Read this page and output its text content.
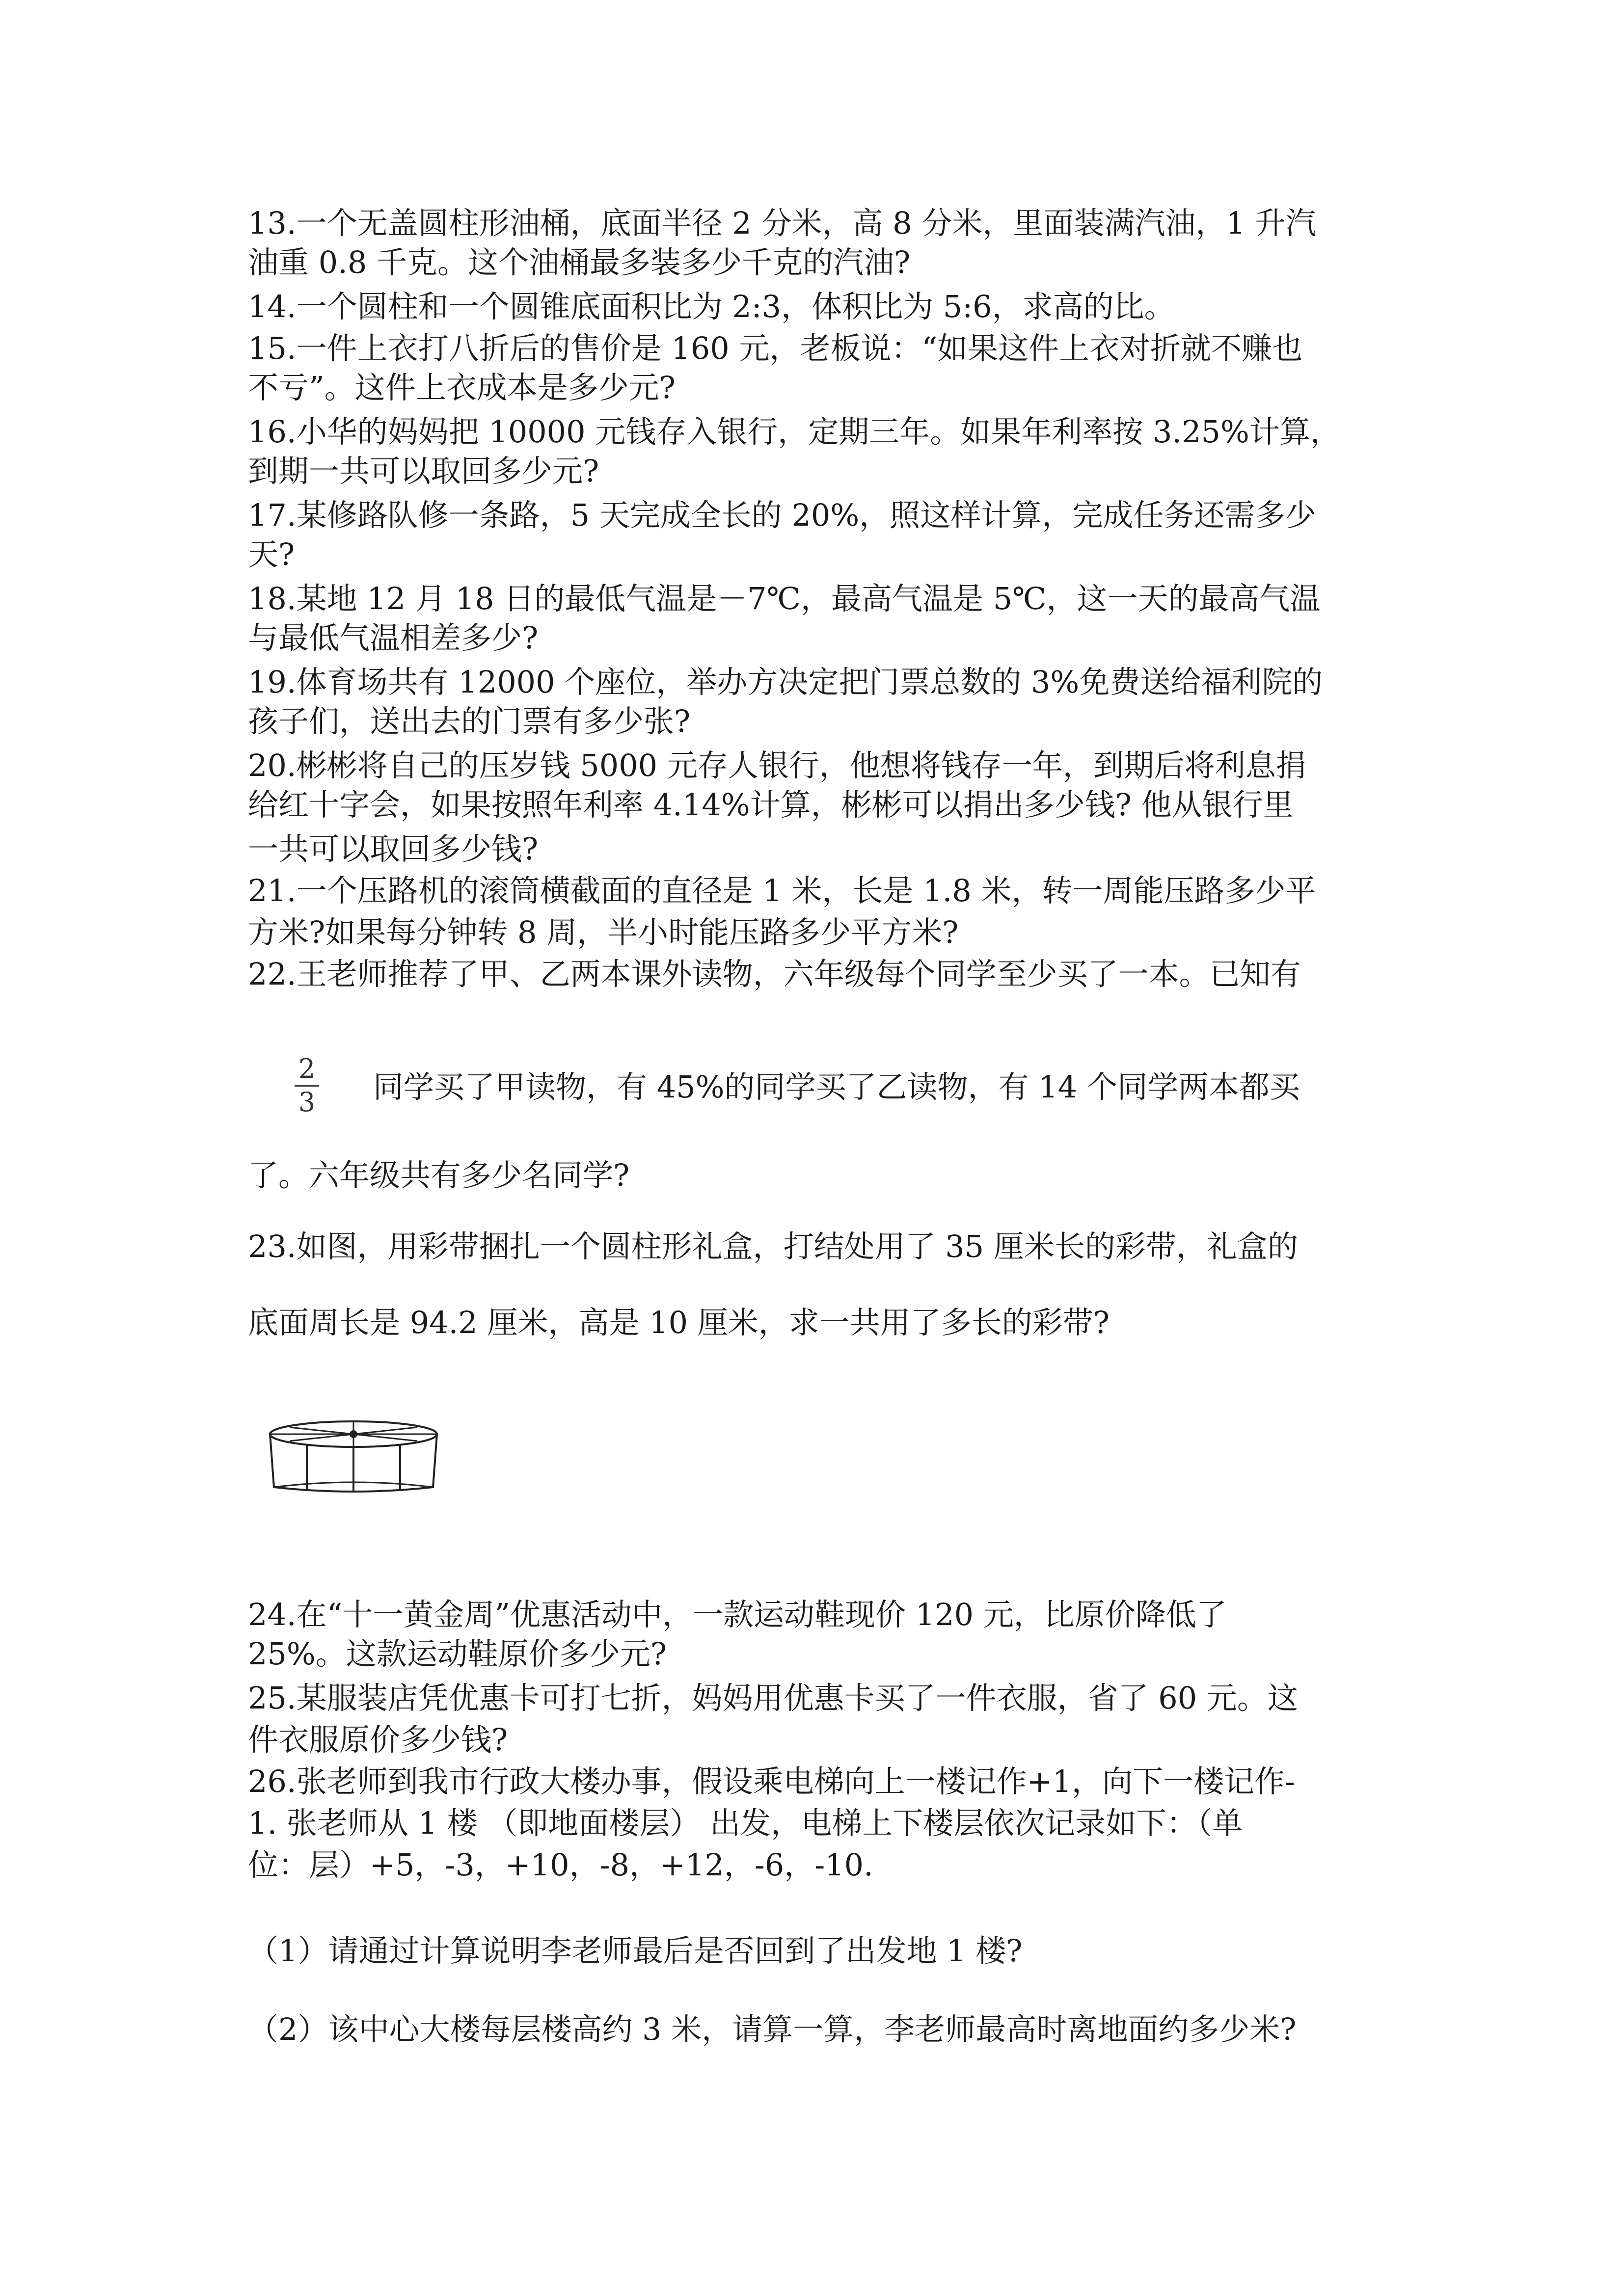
13.一个无盖圆柱形油桶，底面半径 2 分米，高 8 分米，里面装满汽油，1 升汽
油重 0.8 千克。这个油桶最多装多少千克的汽油?
14.一个圆柱和一个圆锥底面积比为 2:3，体积比为 5:6，求高的比。
15.一件上衣打八折后的售价是 160 元，老板说：“如果这件上衣对折就不赚也
不亏”。这件上衣成本是多少元?
16.小华的妈妈把 10000 元钱存入银行，定期三年。如果年利率按 3.25%计算，
到期一共可以取回多少元?
17.某修路队修一条路，5 天完成全长的 20%，照这样计算，完成任务还需多少
天?
18.某地 12 月 18 日的最低气温是－7℃，最高气温是 5℃，这一天的最高气温
与最低气温相差多少?
19.体育场共有 12000 个座位，举办方决定把门票总数的 3%免费送给福利院的
孩子们，送出去的门票有多少张?
20.彬彬将自己的压岁钱 5000 元存人银行，他想将钱存一年，到期后将利息捐
给红十字会，如果按照年利率 4.14%计算，彬彬可以捐出多少钱? 他从银行里
一共可以取回多少钱?
21.一个压路机的滚筒横截面的直径是 1 米，长是 1.8 米，转一周能压路多少平
方米?如果每分钟转 8 周，半小时能压路多少平方米?
22.王老师推荐了甲、乙两本课外读物，六年级每个同学至少买了一本。已知有
2
3 同学买了甲读物，有 45%的同学买了乙读物，有 14 个同学两本都买
了。六年级共有多少名同学?
23.如图，用彩带捆扎一个圆柱形礼盒，打结处用了 35 厘米长的彩带，礼盒的
底面周长是 94.2 厘米，高是 10 厘米，求一共用了多长的彩带?
24.在“十一黄金周”优惠活动中，一款运动鞋现价 120 元，比原价降低了
25%。这款运动鞋原价多少元?
25.某服装店凭优惠卡可打七折，妈妈用优惠卡买了一件衣服，省了 60 元。这
件衣服原价多少钱?
26.张老师到我市行政大楼办事，假设乘电梯向上一楼记作+1，向下一楼记作-
1. 张老师从 1 楼 （即地面楼层） 出发，电梯上下楼层依次记录如下：（单
位：层）+5，-3，+10，-8，+12，-6，-10.
（1）请通过计算说明李老师最后是否回到了出发地 1 楼?
（2）该中心大楼每层楼高约 3 米，请算一算，李老师最高时离地面约多少米?
